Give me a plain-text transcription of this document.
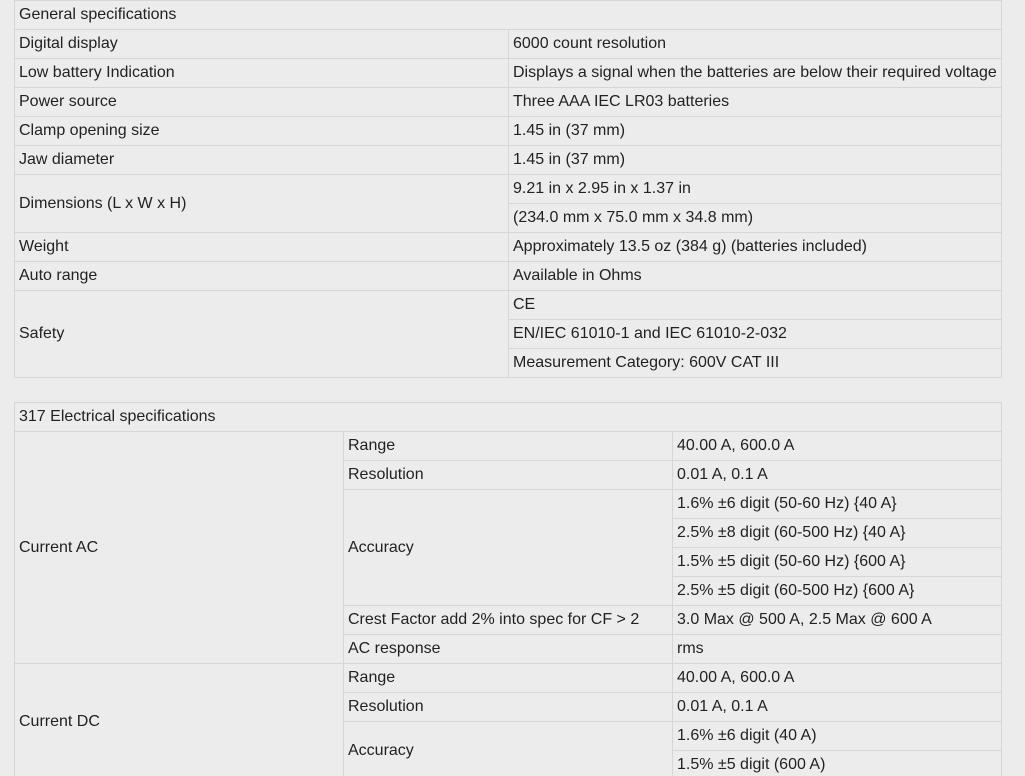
General specifications	
Digital display	6000 count resolution
Low battery Indication	Displays a signal when the batteries are below their required voltage
Power source	Three AAA IEC LR03 batteries
Clamp opening size	1.45 in (37 mm)
Jaw diameter	1.45 in (37 mm)
Dimensions (L x W x H)	9.21 in x 2.95 in x 1.37 in
	(234.0 mm x 75.0 mm x 34.8 mm)
Weight	Approximately 13.5 oz (384 g) (batteries included)
Auto range	Available in Ohms
Safety	CE
	EN/IEC 61010-1 and IEC 61010-2-032
	Measurement Category: 600V CAT III
317 Electrical specifications		
Current AC	Range	40.00 A, 600.0 A
	Resolution	0.01 A, 0.1 A
	Accuracy	1.6% ±6 digit (50-60 Hz) {40 A}
		2.5% ±8 digit (60-500 Hz) {40 A}
		1.5% ±5 digit (50-60 Hz) {600 A}
		2.5% ±5 digit (60-500 Hz) {600 A}
	Crest Factor add 2% into spec for CF > 2	3.0 Max @ 500 A, 2.5 Max @ 600 A
	AC response	rms
Current DC	Range	40.00 A, 600.0 A
	Resolution	0.01 A, 0.1 A
	Accuracy	1.6% ±6 digit (40 A)
		1.5% ±5 digit (600 A)
